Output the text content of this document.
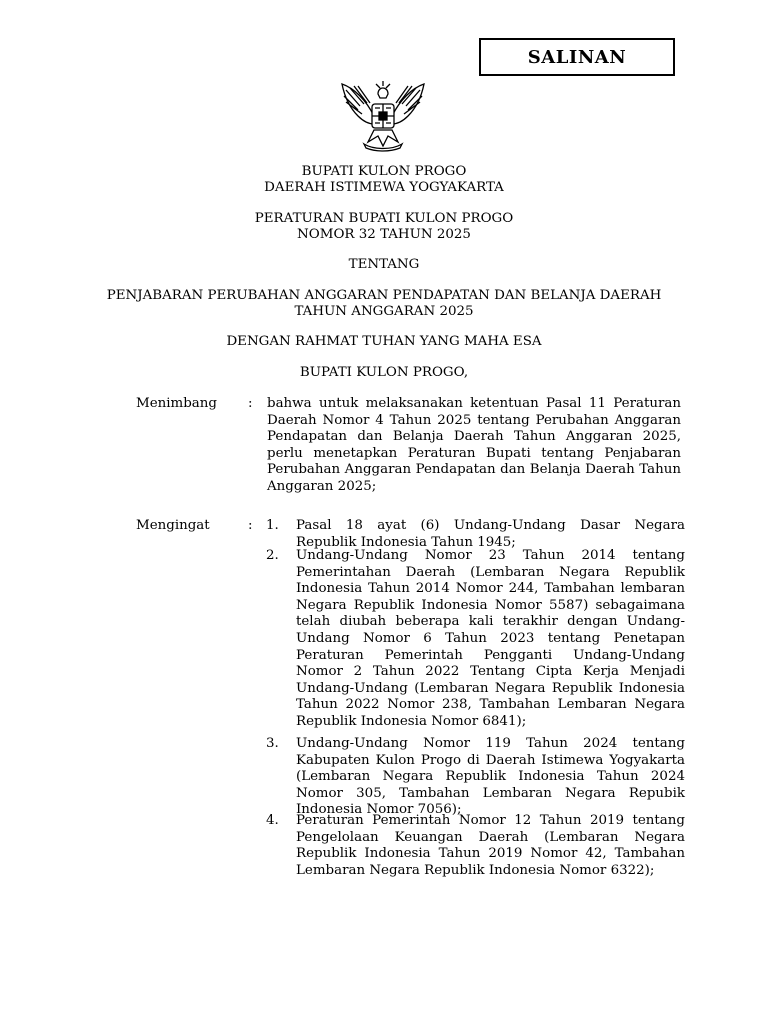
SALINAN
BUPATI KULON PROGO
DAERAH ISTIMEWA YOGYAKARTA
PERATURAN BUPATI KULON PROGO
NOMOR 32 TAHUN 2025
TENTANG
PENJABARAN PERUBAHAN ANGGARAN PENDAPATAN DAN BELANJA DAERAH
TAHUN ANGGARAN 2025
DENGAN RAHMAT TUHAN YANG MAHA ESA
BUPATI KULON PROGO,
Menimbang : bahwa untuk melaksanakan ketentuan Pasal 11 Peraturan Daerah Nomor 4 Tahun 2025 tentang Perubahan Anggaran Pendapatan dan Belanja Daerah Tahun Anggaran 2025, perlu menetapkan Peraturan Bupati tentang Penjabaran Perubahan Anggaran Pendapatan dan Belanja Daerah Tahun Anggaran 2025;
Mengingat	: 1. Pasal 18 ayat (6) Undang-Undang Dasar Negara Republik Indonesia Tahun 1945;
2. Undang-Undang Nomor 23 Tahun 2014 tentang Pemerintahan Daerah (Lembaran Negara Republik Indonesia Tahun 2014 Nomor 244, Tambahan lembaran Negara Republik Indonesia Nomor 5587) sebagaimana telah diubah beberapa kali terakhir dengan Undang-Undang Nomor 6 Tahun 2023 tentang Penetapan Peraturan Pemerintah Pengganti Undang-Undang Nomor 2 Tahun 2022 Tentang Cipta Kerja Menjadi Undang-Undang (Lembaran Negara Republik Indonesia Tahun 2022 Nomor 238, Tambahan Lembaran Negara Republik Indonesia Nomor 6841);
3. Undang-Undang Nomor 119 Tahun 2024 tentang Kabupaten Kulon Progo di Daerah Istimewa Yogyakarta (Lembaran Negara Republik Indonesia Tahun 2024 Nomor 305, Tambahan Lembaran Negara Repubik Indonesia Nomor 7056);
4. Peraturan Pemerintah Nomor 12 Tahun 2019 tentang Pengelolaan Keuangan Daerah (Lembaran Negara Republik Indonesia Tahun 2019 Nomor 42, Tambahan Lembaran Negara Republik Indonesia Nomor 6322);
